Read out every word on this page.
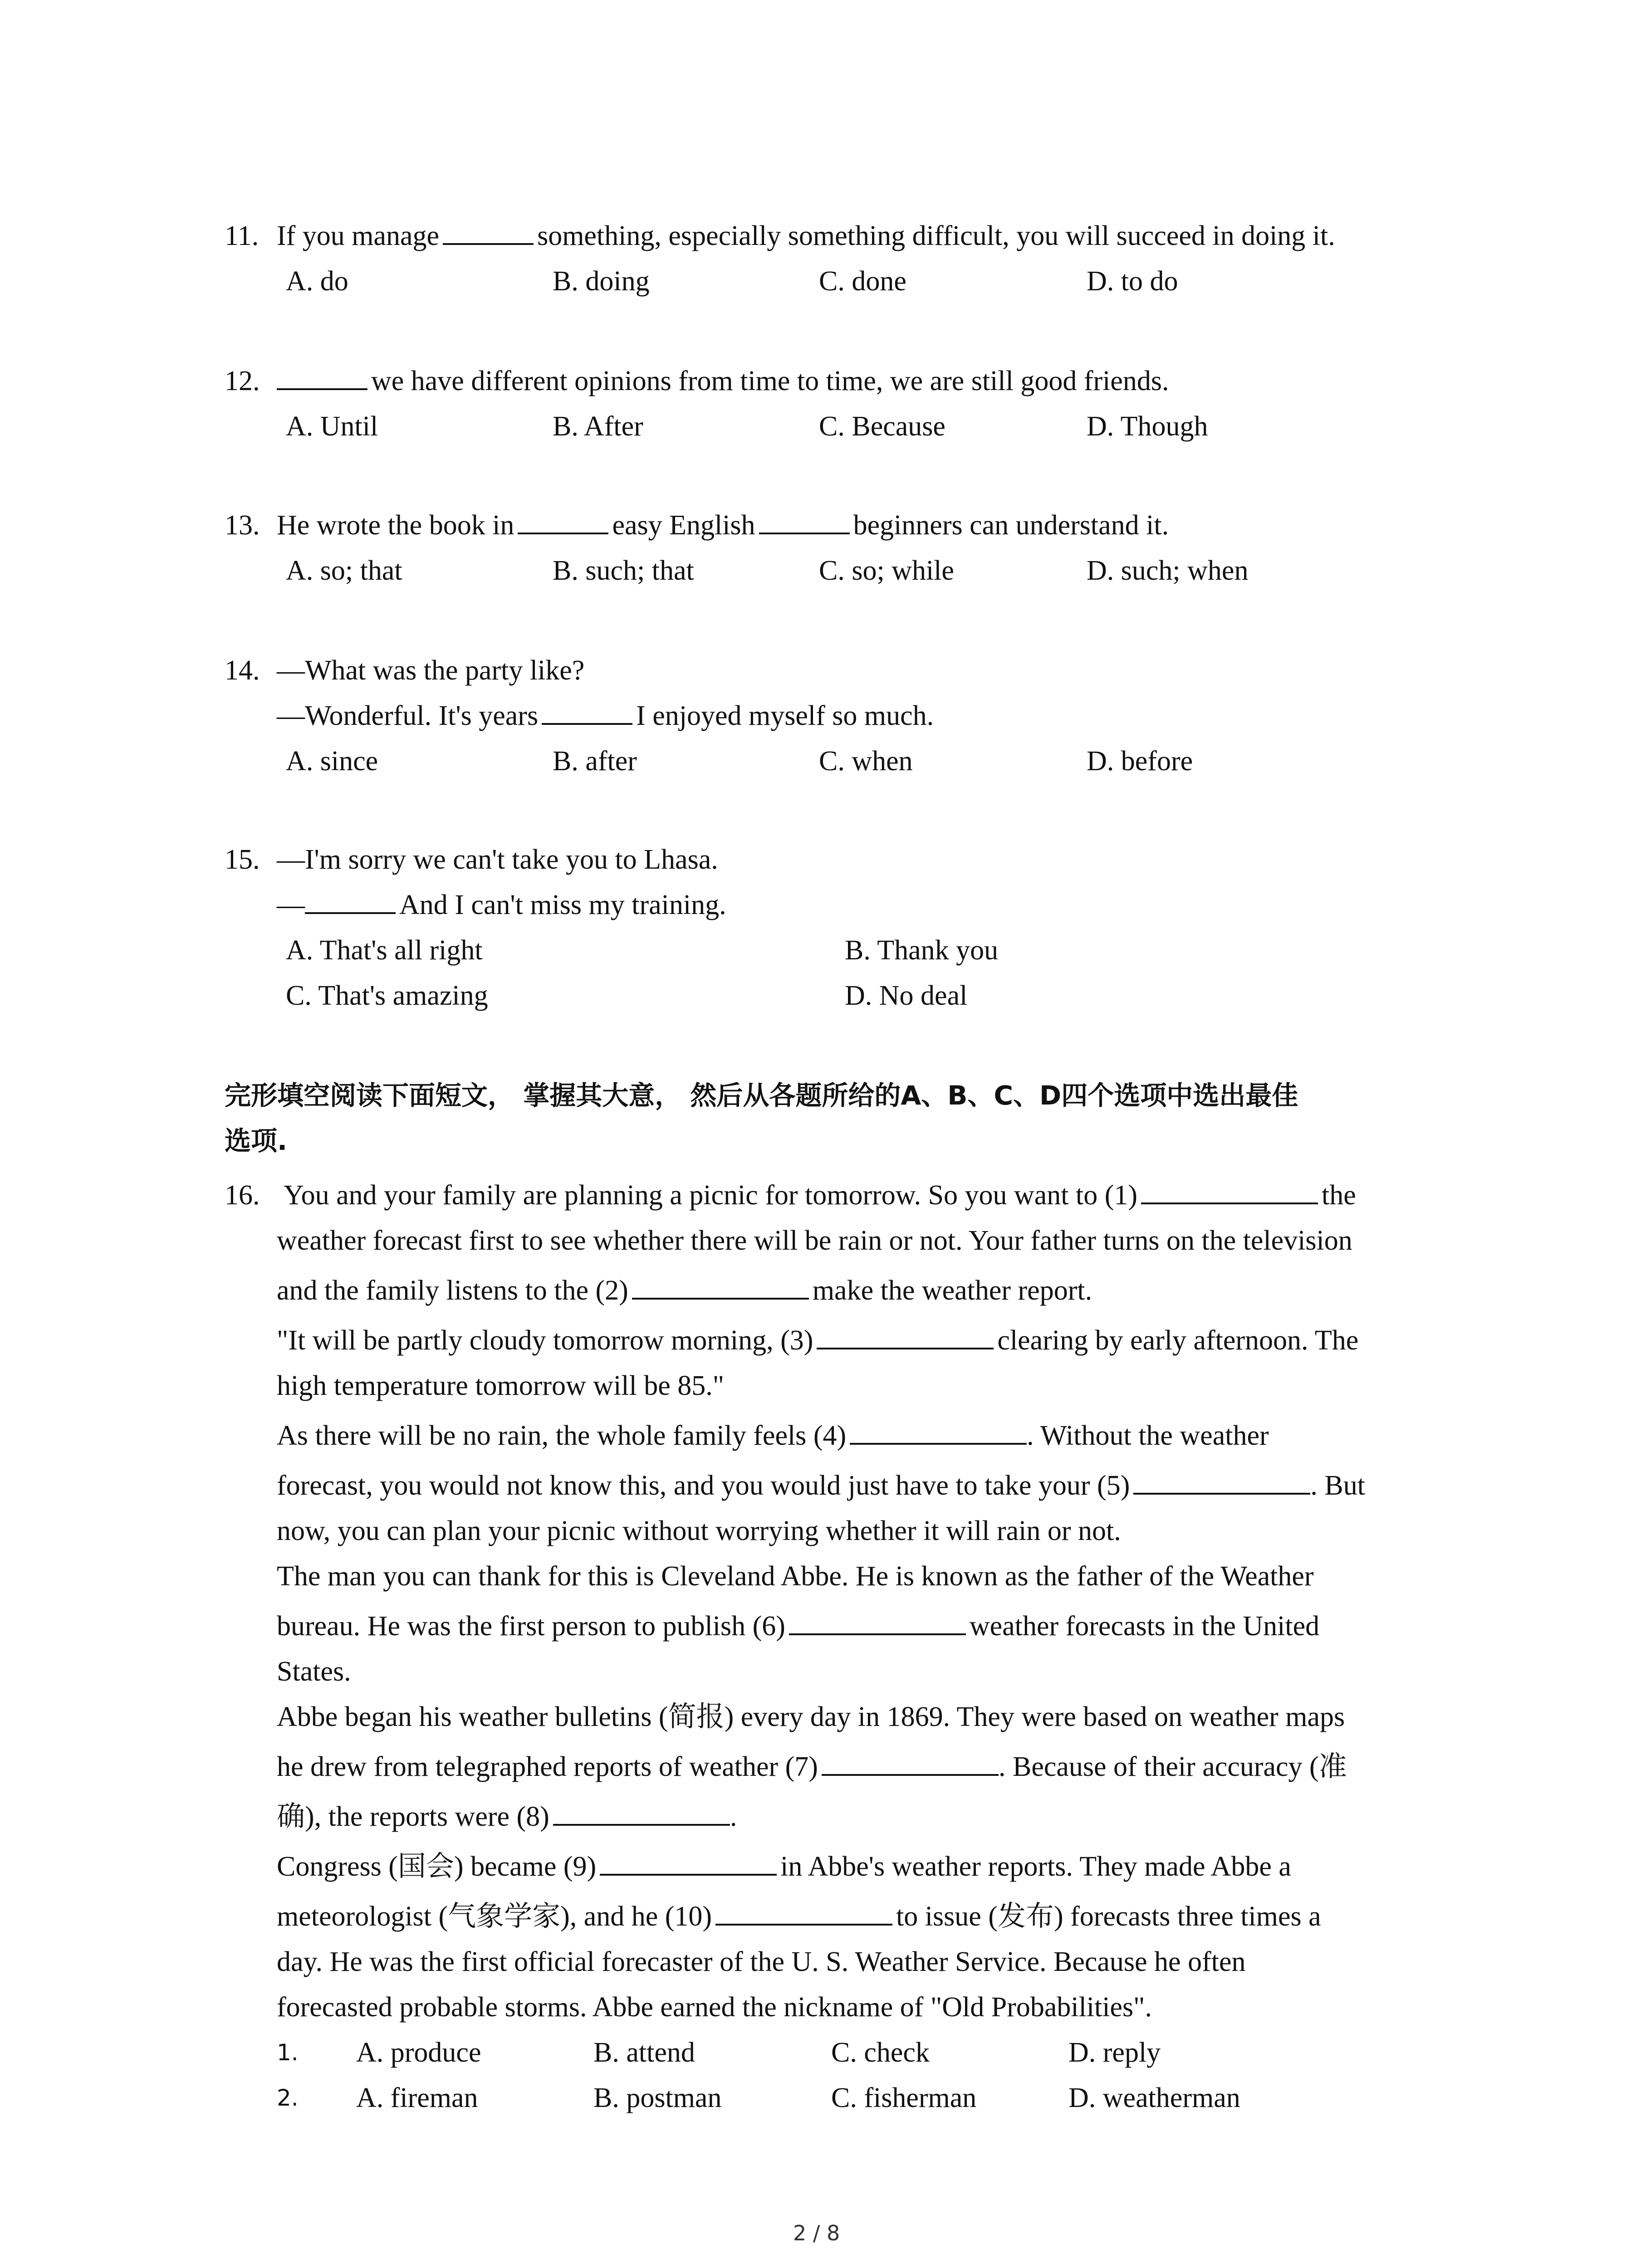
11. If you manage	something, especially something difficult, you will succeed in doing it.
A. do	B. doing	C. done	D. to do
12.	we have different opinions from time to time, we are still good friends.
A. Until	B. After	C. Because	D. Though
13. He wrote the book in	easy English	beginners can understand it.
A. so; that	B. such; that	C. so; while	D. such; when
14. —What was the party like?
—Wonderful. It's years	I enjoyed myself so much.
A. since	B. after	C. when	D. before
15. —I'm sorry we can't take you to Lhasa.
—	And I can't miss my training.
A. That's all right	B. Thank you
C. That's amazing	D. No deal
完形填空阅读下面短文， 掌握其大意， 然后从各题所给的A、B、C、D四个选项中选出最佳
选项.
16. You and your family are planning a picnic for tomorrow. So you want to (1)	the
weather forecast first to see whether there will be rain or not. Your father turns on the television
and the family listens to the (2)	make the weather report.
"It will be partly cloudy tomorrow morning, (3)	clearing by early afternoon. The
high temperature tomorrow will be 85."
As there will be no rain, the whole family feels (4)	. Without the weather
forecast, you would not know this, and you would just have to take your (5)	. But
now, you can plan your picnic without worrying whether it will rain or not.
The man you can thank for this is Cleveland Abbe. He is known as the father of the Weather
bureau. He was the first person to publish (6)	weather forecasts in the United
States.
Abbe began his weather bulletins (简报) every day in 1869. They were based on weather maps
he drew from telegraphed reports of weather (7)	. Because of their accuracy (准
确), the reports were (8)	.
Congress (国会) became (9)	in Abbe's weather reports. They made Abbe a
meteorologist (气象学家), and he (10)	to issue (发布) forecasts three times a
day. He was the first official forecaster of the U. S. Weather Service. Because he often
forecasted probable storms. Abbe earned the nickname of "Old Probabilities".
1. A. produce	B. attend	C. check	D. reply
2. A. fireman	B. postman	C. fisherman	D. weatherman
2 / 8
